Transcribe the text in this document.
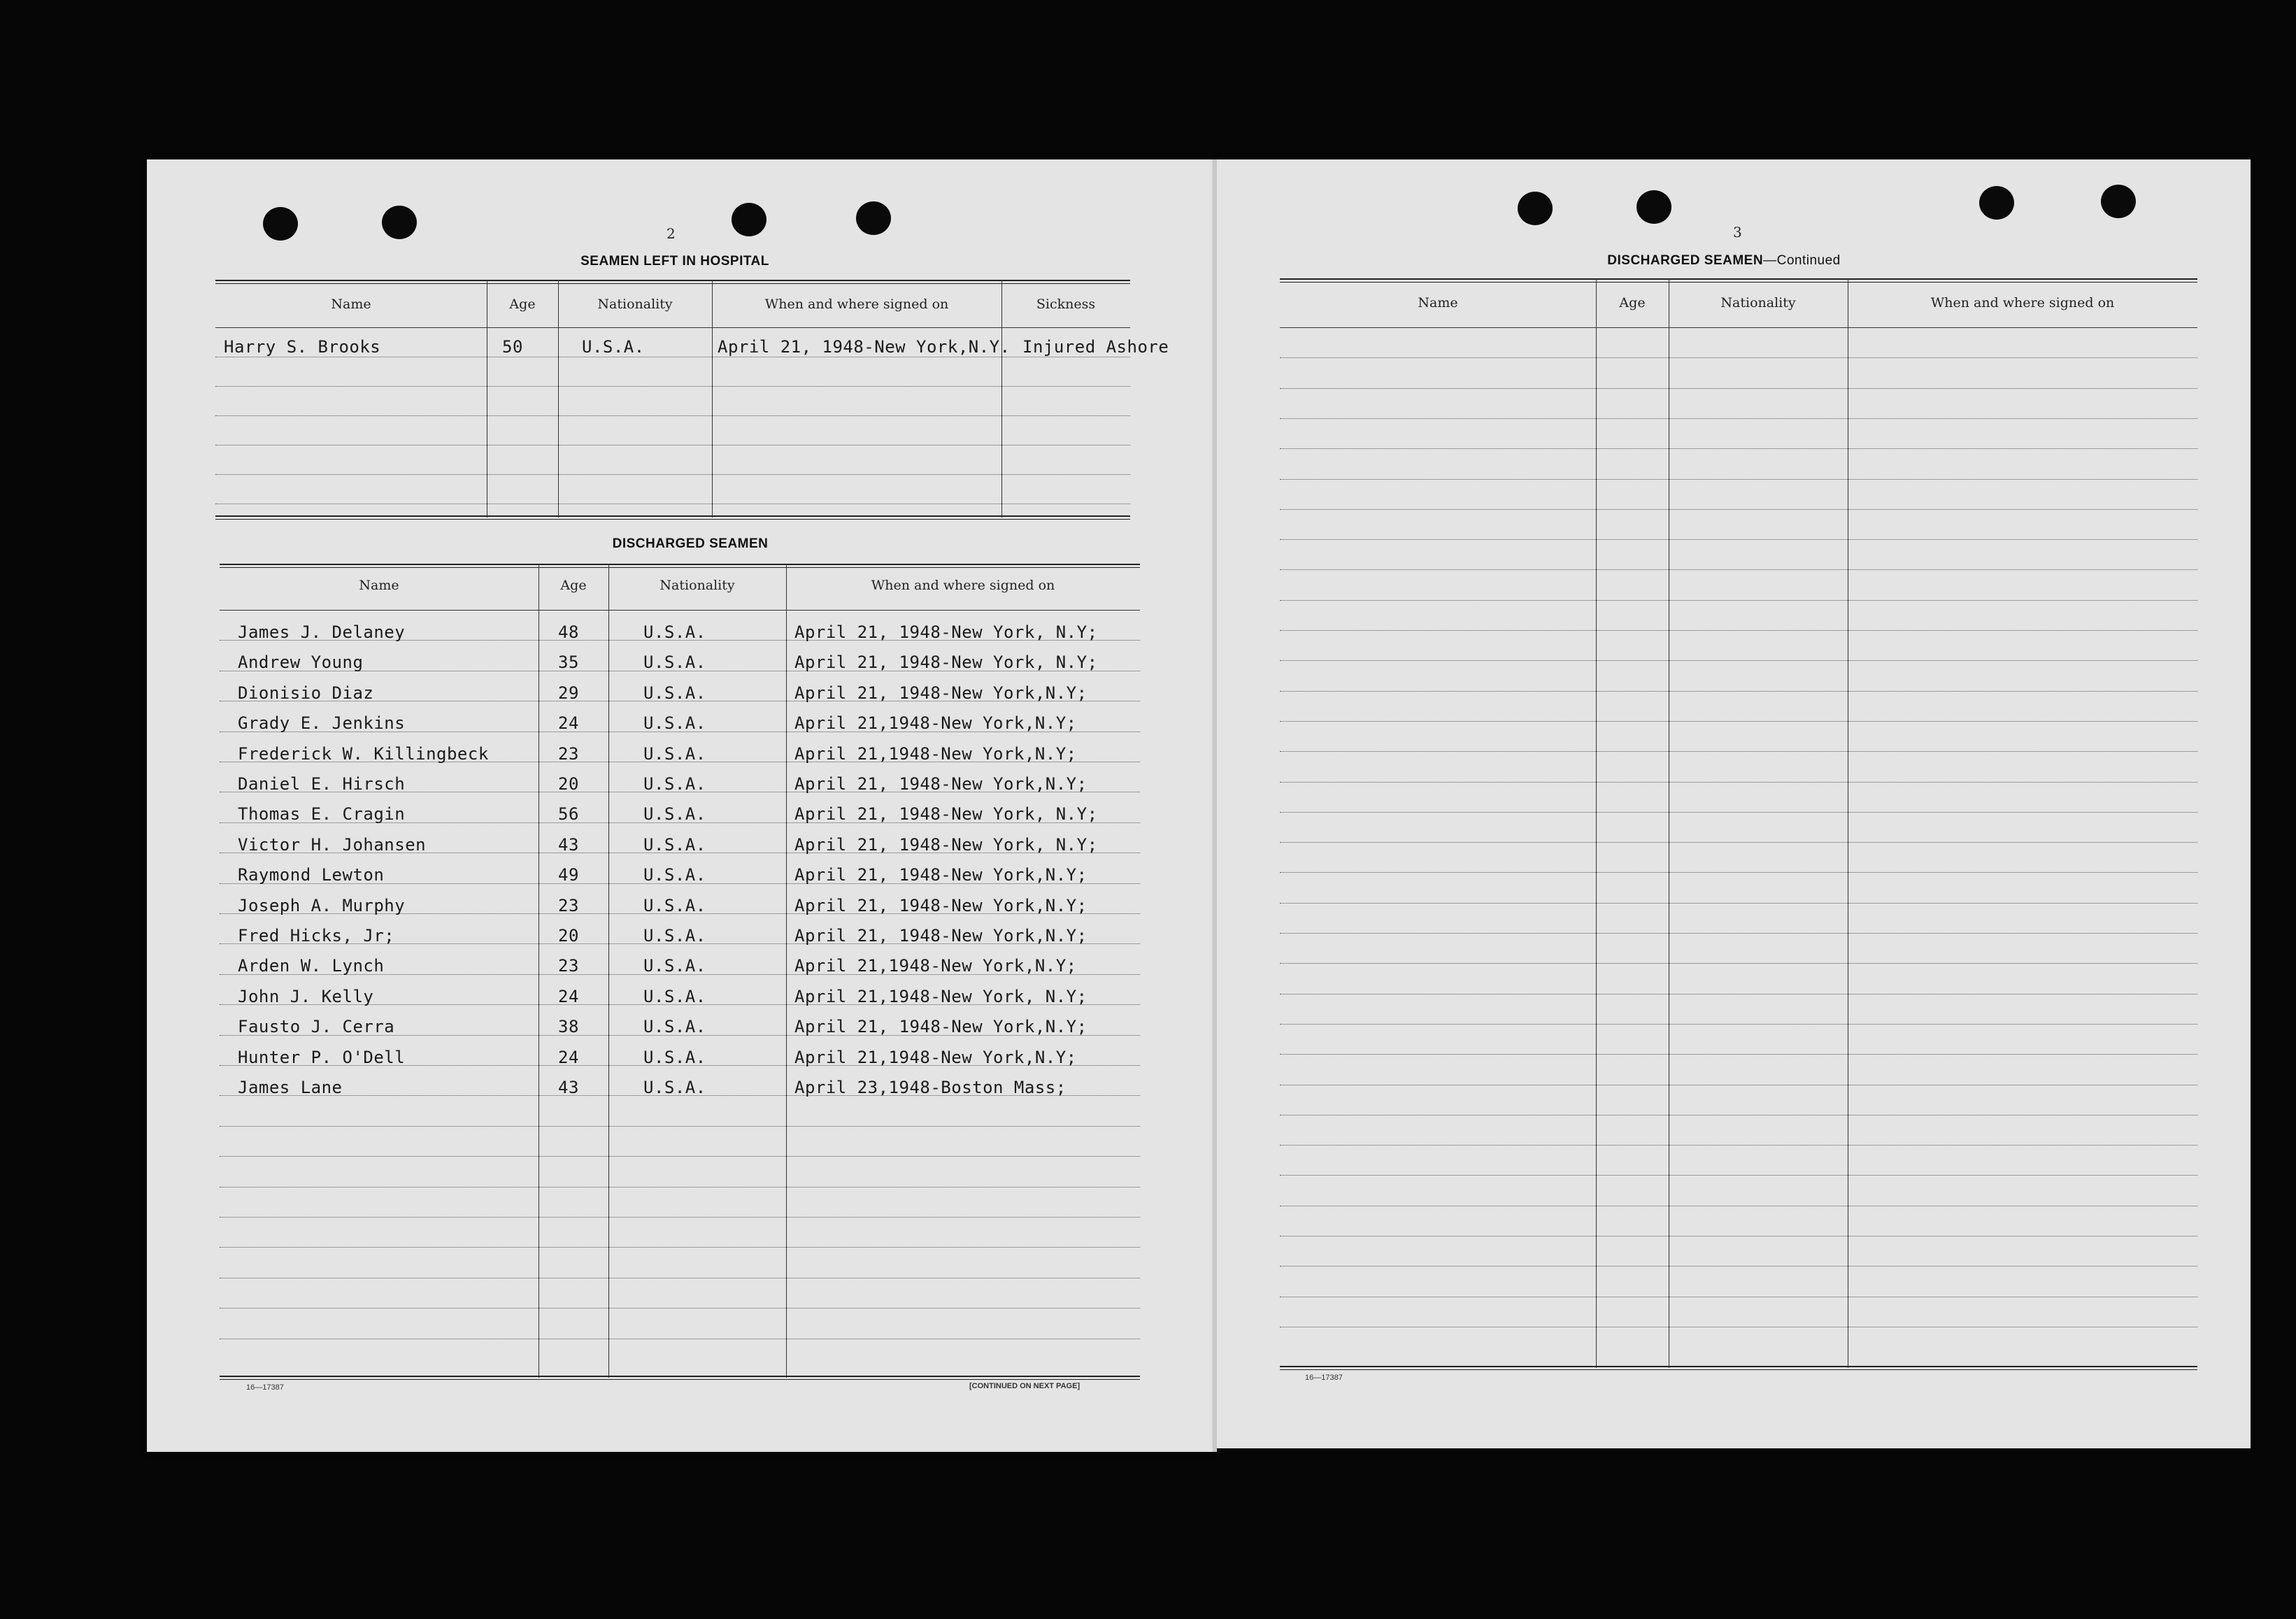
2
SEAMEN LEFT IN HOSPITAL
Name	Age	Nationality	When and where signed on	Sickness
Harry S. Brooks	50	U.S.A.	April 21, 1948-New York,N.Y. Injured Ashore
DISCHARGED SEAMEN
Name	Age	Nationality	When and where signed on
James J. Delaney	48	U.S.A.	April 21, 1948-New York, N.Y;
Andrew Young	35	U.S.A.	April 21, 1948-New York, N.Y;
Dionisio Diaz	29	U.S.A.	April 21, 1948-New York,N.Y;
Grady E. Jenkins	24	U.S.A.	April 21,1948-New York,N.Y;
Frederick W. Killingbeck	23	U.S.A.	April 21,1948-New York,N.Y;
Daniel E. Hirsch	20	U.S.A.	April 21, 1948-New York,N.Y;
Thomas E. Cragin	56	U.S.A.	April 21, 1948-New York, N.Y;
Victor H. Johansen	43	U.S.A.	April 21, 1948-New York, N.Y;
Raymond Lewton	49	U.S.A.	April 21, 1948-New York,N.Y;
Joseph A. Murphy	23	U.S.A.	April 21, 1948-New York,N.Y;
Fred Hicks, Jr;	20	U.S.A.	April 21, 1948-New York,N.Y;
Arden W. Lynch	23	U.S.A.	April 21,1948-New York,N.Y;
John J. Kelly	24	U.S.A.	April 21,1948-New York, N.Y;
Fausto J. Cerra	38	U.S.A.	April 21, 1948-New York,N.Y;
Hunter P. O'Dell	24	U.S.A.	April 21,1948-New York,N.Y;
James Lane	43	U.S.A.	April 23,1948-Boston Mass;
16—17387	[CONTINUED ON NEXT PAGE]
3
DISCHARGED SEAMEN—Continued
Name	Age	Nationality	When and where signed on
16—17387
